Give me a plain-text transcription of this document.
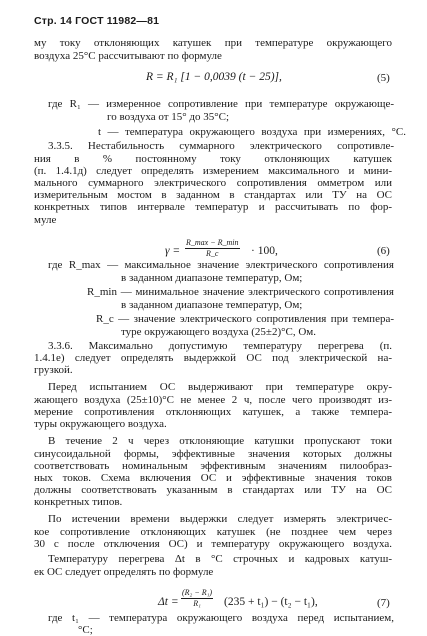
Стр. 14 ГОСТ 11982—81
му току отклоняющих катушек при температуре окружающего
воздуха 25°С рассчитывают по формуле
где R₁ — измеренное сопротивление при температуре окружающе-
го воздуха от 15° до 35°С;
t — температура окружающего воздуха при измерениях, °С.
3.3.5. Нестабильность суммарного электрического сопротивле-
ния в % постоянному току отклоняющих катушек
(п. 1.4.1д) следует определять измерением максимального и мини-
мального суммарного электрического сопротивления омметром или
измерительным мостом в заданном в стандартах или ТУ на ОС
конкретных типов интервале температур и рассчитывать по фор-
муле
где R_max — максимальное значение электрического сопротивления
в заданном диапазоне температур, Ом;
R_min — минимальное значение электрического сопротивления
в заданном диапазоне температур, Ом;
R_c — значение электрического сопротивления при темпера-
туре окружающего воздуха (25±2)°С, Ом.
3.3.6. Максимально допустимую температуру перегрева (п.
1.4.1е) следует определять выдержкой ОС под электрической на-
грузкой.
Перед испытанием ОС выдерживают при температуре окру-
жающего воздуха (25±10)°С не менее 2 ч, после чего производят из-
мерение сопротивления отклоняющих катушек, а также темпера-
туры окружающего воздуха.
В течение 2 ч через отклоняющие катушки пропускают токи
синусоидальной формы, эффективные значения которых должны
соответствовать номинальным эффективным значениям пилообраз-
ных токов. Схема включения ОС и эффективные значения токов
должны соответствовать указанным в стандартах или ТУ на ОС
конкретных типов.
По истечении времени выдержки следует измерять электричес-
кое сопротивление отклоняющих катушек (не позднее чем через
30 с после отключения ОС) и температуру окружающего воздуха.
Температуру перегрева Δt в °С строчных и кадровых катуш-
ек ОС следует определять по формуле
где t₁ — температура окружающего воздуха перед испытанием,
°С;
R = R₁ [1 − 0,0039 (t − 25)],	(5)
γ =
R_max − R_min
R_c	· 100,	(6)
$\Delta t = \frac{\text{(R₂ − R₁)}}{\text{R₁}} (235 + t_1) - (t_2 - t_1)$,	(7)
